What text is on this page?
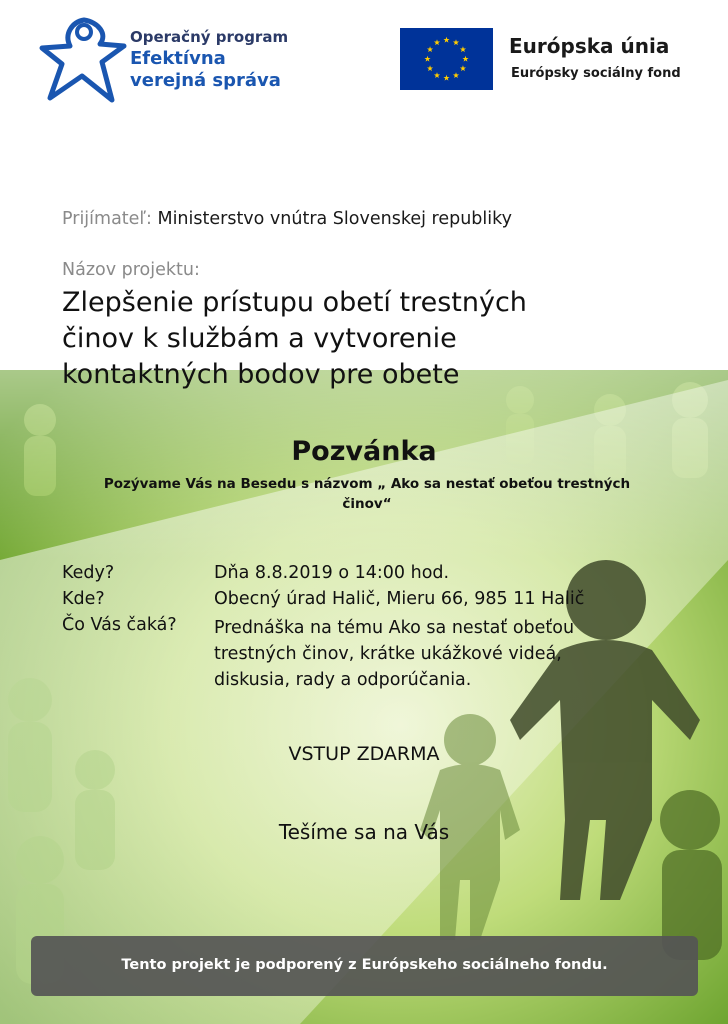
Operačný program
Efektívna
verejná správa
Európska únia
Európsky sociálny fond
Prijímateľ: Ministerstvo vnútra Slovenskej republiky
Názov projektu:
Zlepšenie prístupu obetí trestných
činov k službám a vytvorenie
kontaktných bodov pre obete
Pozvánka
Pozývame Vás na Besedu s názvom „ Ako sa nestať obeťou trestných
činov“
Kedy?	Dňa 8.8.2019 o 14:00 hod.
Kde?	Obecný úrad Halič, Mieru 66, 985 11 Halič
Čo Vás čaká? Prednáška na tému Ako sa nestať obeťou
trestných činov, krátke ukážkové videá,
diskusia, rady a odporúčania.
VSTUP ZDARMA
Tešíme sa na Vás
Tento projekt je podporený z Európskeho sociálneho fondu.
